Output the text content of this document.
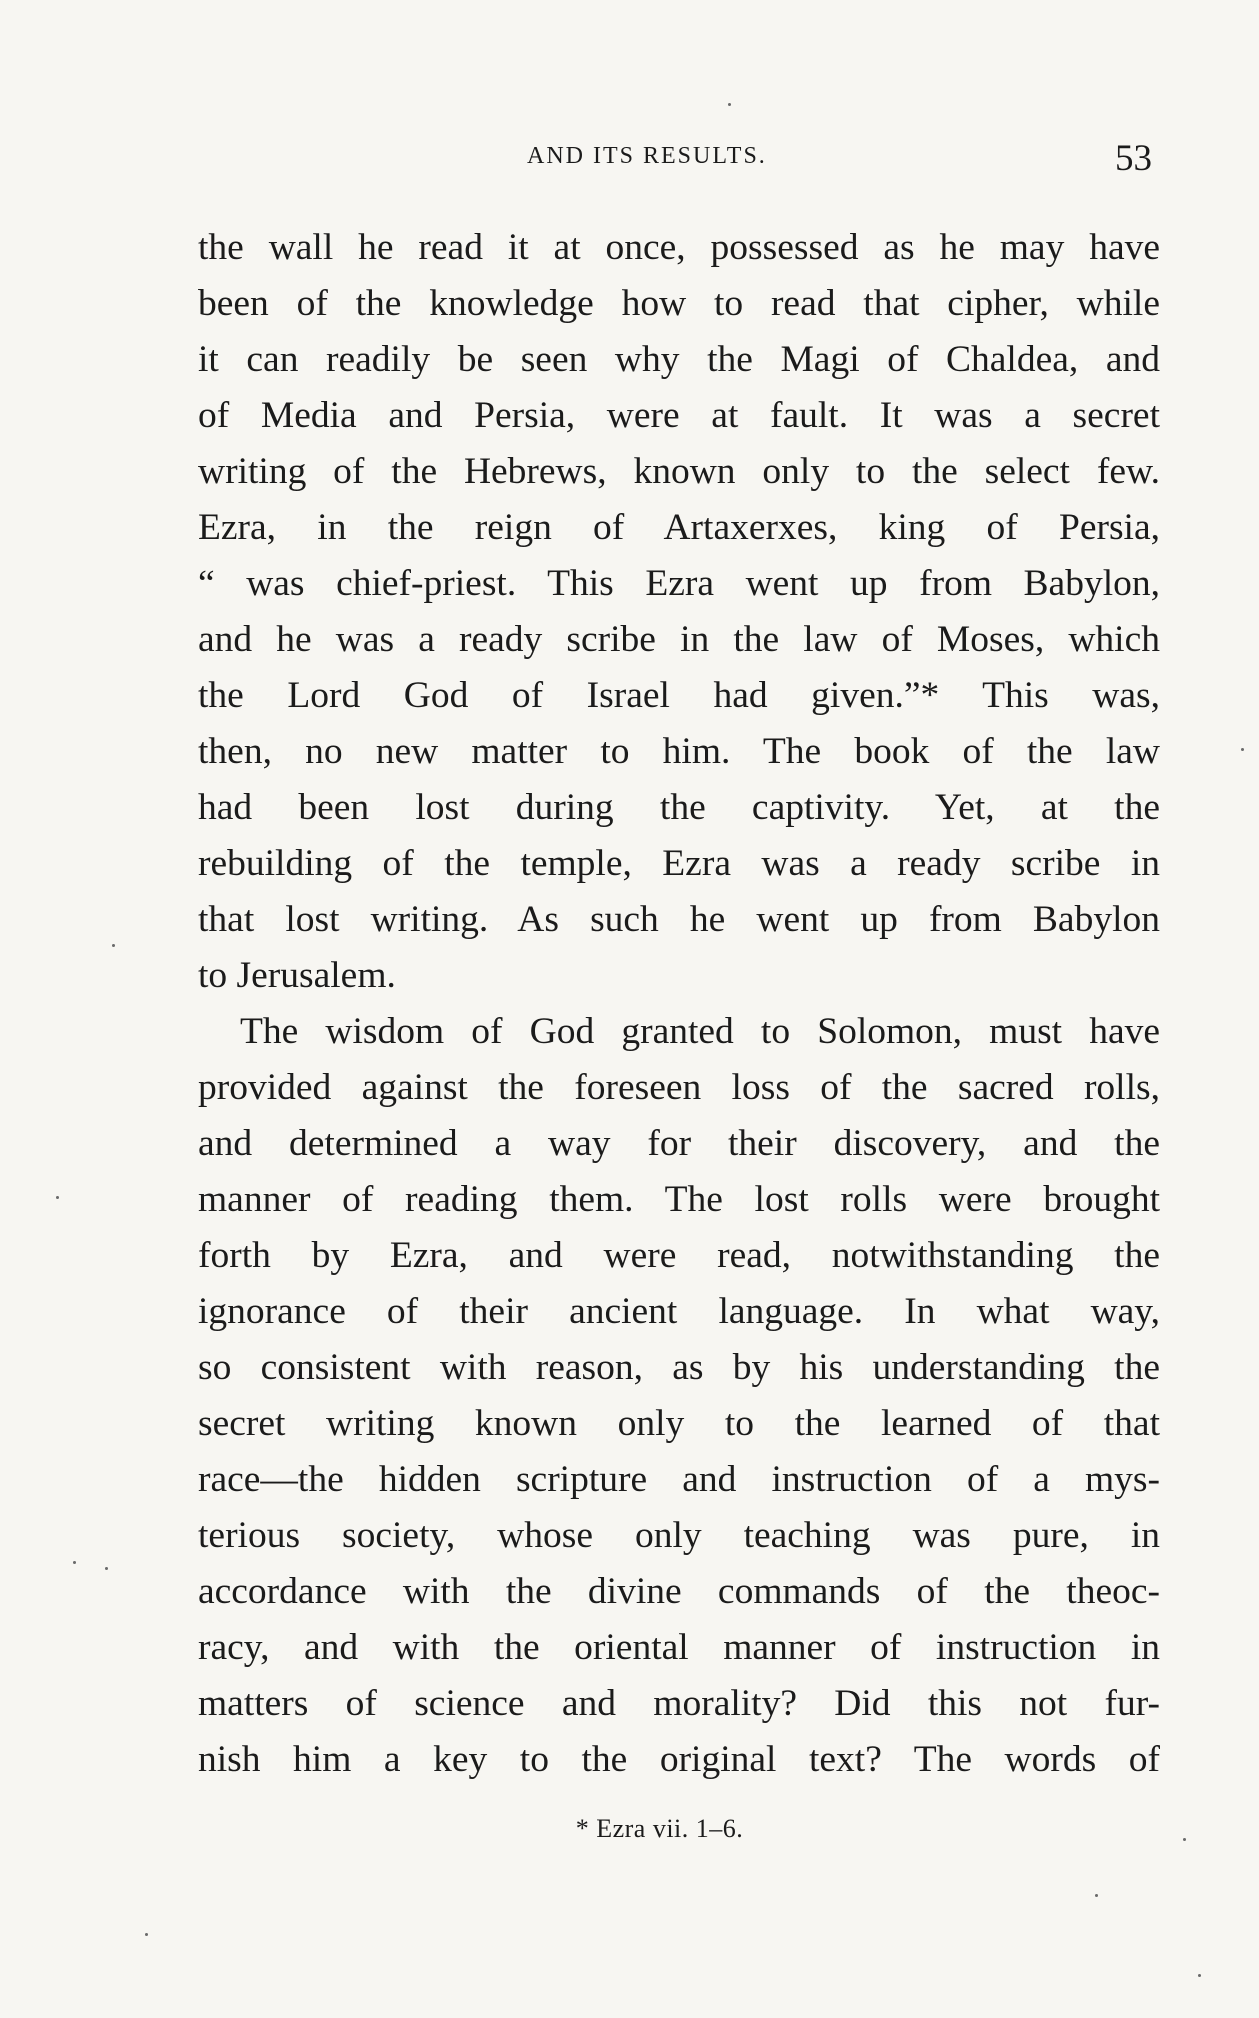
AND ITS RESULTS.	53
the wall he read it at once, possessed as he may have
been of the knowledge how to read that cipher, while
it can readily be seen why the Magi of Chaldea, and
of Media and Persia, were at fault. It was a secret
writing of the Hebrews, known only to the select few.
Ezra, in the reign of Artaxerxes, king of Persia,
“ was chief-priest. This Ezra went up from Babylon,
and he was a ready scribe in the law of Moses, which
the Lord God of Israel had given.”* This was,
then, no new matter to him. The book of the law
had been lost during the captivity. Yet, at the
rebuilding of the temple, Ezra was a ready scribe in
that lost writing. As such he went up from Babylon
to Jerusalem.
The wisdom of God granted to Solomon, must have
provided against the foreseen loss of the sacred rolls,
and determined a way for their discovery, and the
manner of reading them. The lost rolls were brought
forth by Ezra, and were read, notwithstanding the
ignorance of their ancient language. In what way,
so consistent with reason, as by his understanding the
secret writing known only to the learned of that
race—the hidden scripture and instruction of a mys-
terious society, whose only teaching was pure, in
accordance with the divine commands of the theoc-
racy, and with the oriental manner of instruction in
matters of science and morality? Did this not fur-
nish him a key to the original text? The words of
* Ezra vii. 1–6.
